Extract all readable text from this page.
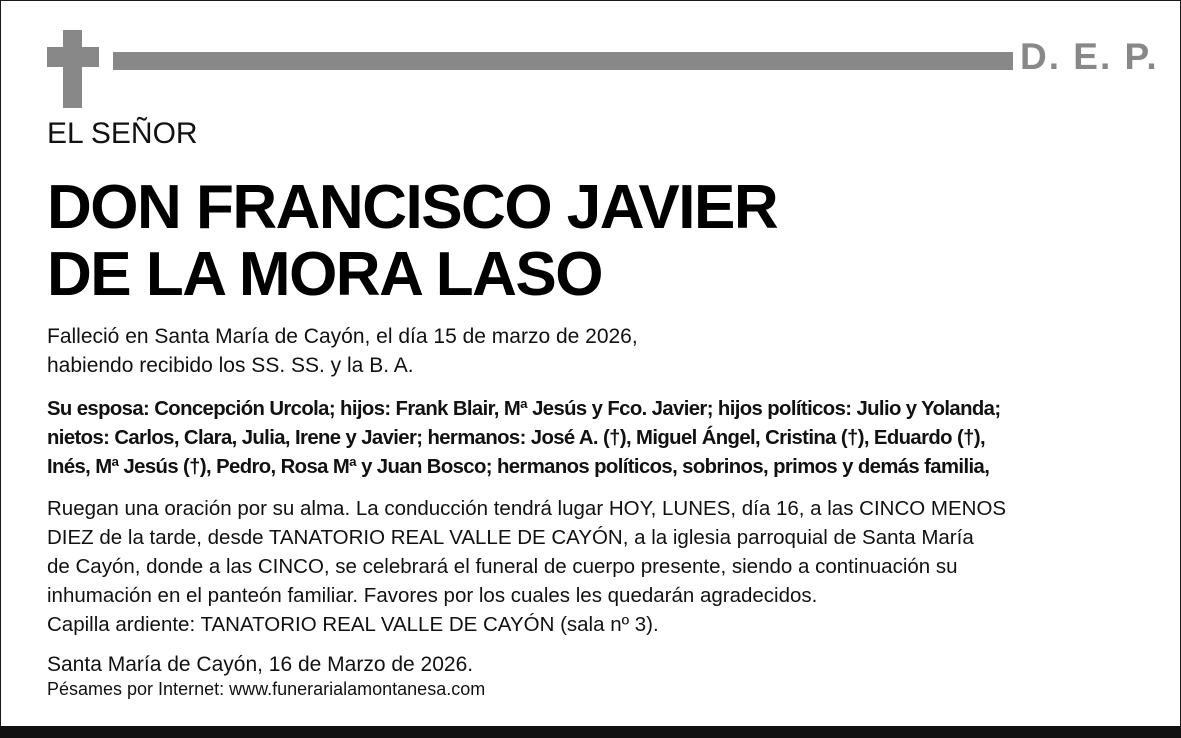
D. E. P.
EL SEÑOR
DON FRANCISCO JAVIER
DE LA MORA LASO
Falleció en Santa María de Cayón, el día 15 de marzo de 2026,
habiendo recibido los SS. SS. y la B. A.
Su esposa: Concepción Urcola; hijos: Frank Blair, Mª Jesús y Fco. Javier; hijos políticos: Julio y Yolanda;
nietos: Carlos, Clara, Julia, Irene y Javier; hermanos: José A. (†), Miguel Ángel, Cristina (†), Eduardo (†),
Inés, Mª Jesús (†), Pedro, Rosa Mª y Juan Bosco; hermanos políticos, sobrinos, primos y demás familia,
Ruegan una oración por su alma. La conducción tendrá lugar HOY, LUNES, día 16, a las CINCO MENOS
DIEZ de la tarde, desde TANATORIO REAL VALLE DE CAYÓN, a la iglesia parroquial de Santa María
de Cayón, donde a las CINCO, se celebrará el funeral de cuerpo presente, siendo a continuación su
inhumación en el panteón familiar. Favores por los cuales les quedarán agradecidos.
Capilla ardiente: TANATORIO REAL VALLE DE CAYÓN (sala nº 3).
Santa María de Cayón, 16 de Marzo de 2026.
Pésames por Internet: www.funerarialamontanesa.com
